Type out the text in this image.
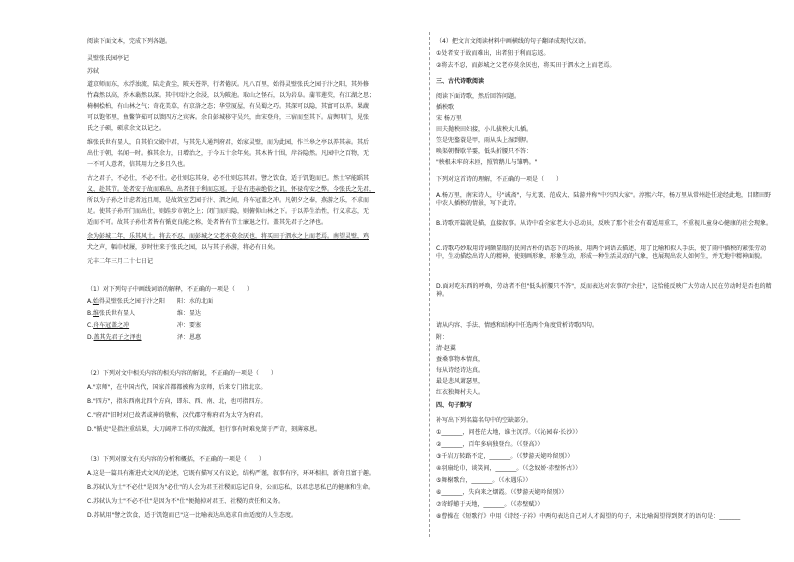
阅读下面文本，完成下列各题。
灵壁张氏园亭记
苏轼
道京师而东，水浮浊流，陆走黄尘，陂天苍莽，行者倦厌。凡八百里，始得灵壁张氏之园于汴之阳，其外修
竹森然以高，乔木蓊然以深。其中因汴之余浸，以为陂池。取山之怪石，以为岩阜。蒲苇莲芡，有江湖之思；
椅桐桧柏，有山林之气；奇花美草，有京洛之态；华堂厦屋，有吴蜀之巧。其深可以隐，其富可以养。果蔬
可以饱邻里，鱼鳖笋茹可以馈四方之宾客。余自彭城移守吴兴，由宋登舟，三宿而至其下。肩舆叩门，见张
氏之子硕，硕求余文以记之。
维张氏世有显人，自其伯父殿中君，与其先人通判府君，始家灵壁，而为此园，作兰皋之亭以养其亲。其后
出仕于朝，名闻一时。推其余力，日增治之，于今五十余年矣。其木皆十围，岸谷隐然。凡园中之百物，无
一不可人意者，信其用力之多且久也。
古之君子，不必仕，不必不仕。必仕则忘其身，必不仕则忘其君。譬之饮食，适于饥饱而已。然士罕能蹈其
义、赴其节。处者安于故而难出，出者狃于利而忘返。于是有违亲绝俗之讥，怀禄苟安之弊。今张氏之先君，
所以为子孙之计虑者远且周，是故筑室艺园于汴、泗之间，舟车冠盖之冲。凡朝夕之奉，燕游之乐，不求而
足。使其子孙开门而出仕，则跬步市朝之上；闭门而归隐，则俯仰山林之下。于以养生治性，行义求志，无
适而不可。故其子孙仕者皆有循吏良能之称，处者皆有节士廉退之行。盖其先君子之泽也。
余为彭城二年，乐其风土。将去不忍，而彭城之父老亦莫余厌也，将买田于泗水之上而老焉。南望灵壁，鸡
犬之声，幅巾杖屦，岁时往来于张氏之园，以与其子孙游，将必有日矣。
元丰二年三月二十七日记
（1）对下列句子中画线词语的解释，不正确的一项是（　　）
A.始得灵壁张氏之园于汴之阳 阳：水的北面
B.维张氏世有显人	维：显达
C.舟车冠盖之冲	冲：要塞
D.盖其先君子之泽也	泽：恩惠
（2）下列对文中相关内容的相关内容的解说，不正确的一项是（　　）
A."京师"，在中国古代，国家首都都被称为京师，后来专门指北京。
B."四方"，指东西南北四个方向，即东、西、南、北，也可指四方。
C."府君"旧时对已故者或神的敬称，汉代郡守称府君为太守为府君。
D."循吏"是指注重结果，大刀阔斧工作的实做派，但行事有时难免简于严苛，刻薄寡恩。
（3）下列对原文有关内容的分析和概括，不正确的一项是（　　）
A.这是一篇具有渐进式文风的论述，它既有描写又有议论，结构严谨，叙事有序，环环相扣，新奇且富于趣。
B.苏轼认为士"不必仕"是因为"必仕"的人会为君王社稷而忘记自身，公而忘私，以君忠思私已的健康和生命。
C.苏轼认为士"不必不仕"是因为不"仕"便抛掉对君王、社稷的责任和义务。
D.苏轼用"譬之饮食，适于饥饱而已"这一比喻表达出追求自由适度的人生态度。
（4）把文言文阅读材料中画横线的句子翻译成现代汉语。
①处者安于故而难出，出者狃于利而忘返。
②将去不忍，而彭城之父老亦莫余厌也，将买田于泗水之上而老焉。
三、古代诗歌阅读
阅读下面诗歌，然后回答问题。
插秧歌
宋 杨万里
田夫抛秧田妇接，小儿拔秧大儿插。
笠是兜鍪蓑是甲，雨从头上湿到胛。
唤渠朝餐歇半霎，低头折腰只不答：
"秧根未牢莳未匝，照管鹅儿与雏鸭。"
下列对这首诗的理解，不正确的一项是（　　）
A.杨万里，南宋诗人，号"诚斋"，与尤袤、范成大、陆游并称"中兴四大家"。淳熙六年，杨万里从常州赴任途经此地，目睹田野中农人插秧的情景，写下此诗。
B.诗歌开篇就是描，直接叙事。从诗中看全家老大小总动员，反映了那个社会有着适用重工，不重视儿童身心健康的社会现象。
C.诗歌巧妙取用诗词颇显眼的民间古朴的语态下的场景，用两个词语去描述，用了比喻和拟人手法，使了雨中插秧的紧张劳动中，生动描绘出诗人的精神，使刻画形象，形象生动，形成一种生活灵动的气象，也展现出农人如何生，并无地中精神面貌。
D.面对吃东西的呼唤，劳动者不但"低头折腰只不答"，反而表达对农事的"余拄"，这恰能反映广大劳动人民在劳动时是否也的精神。
请从内容、手法、情感和结构中任选两个角度赏析诗歌四句。
附：
清·赵翼
蚕桑事物本情真，
每从诗经诗达真。
最是悲风萧瑟里，
红衣独舞村夫人。
四、句子默写
补写出下列名篇名句中的空缺部分。
①_______，问苍茫大地，谁主沉浮。（《沁园春·长沙》）
②_______，百年多病独登台。（《登高》）
③千岩万转路不定，_______。（《梦游天姥吟留别》）
④羽扇纶巾，谈笑间，_______。（《念奴娇·赤壁怀古》）
⑤舞榭歌台，_______。（《永遇乐》）
⑥_______，失向来之烟霞。（《梦游天姥吟留别》）
⑦寄蜉蝣于天地，_______。（《赤壁赋》）
⑧曹操在《短歌行》中用《诗经·子衿》中两句表达自己对人才渴望的句子，末比喻渴望得到贤才的语句是：_______
